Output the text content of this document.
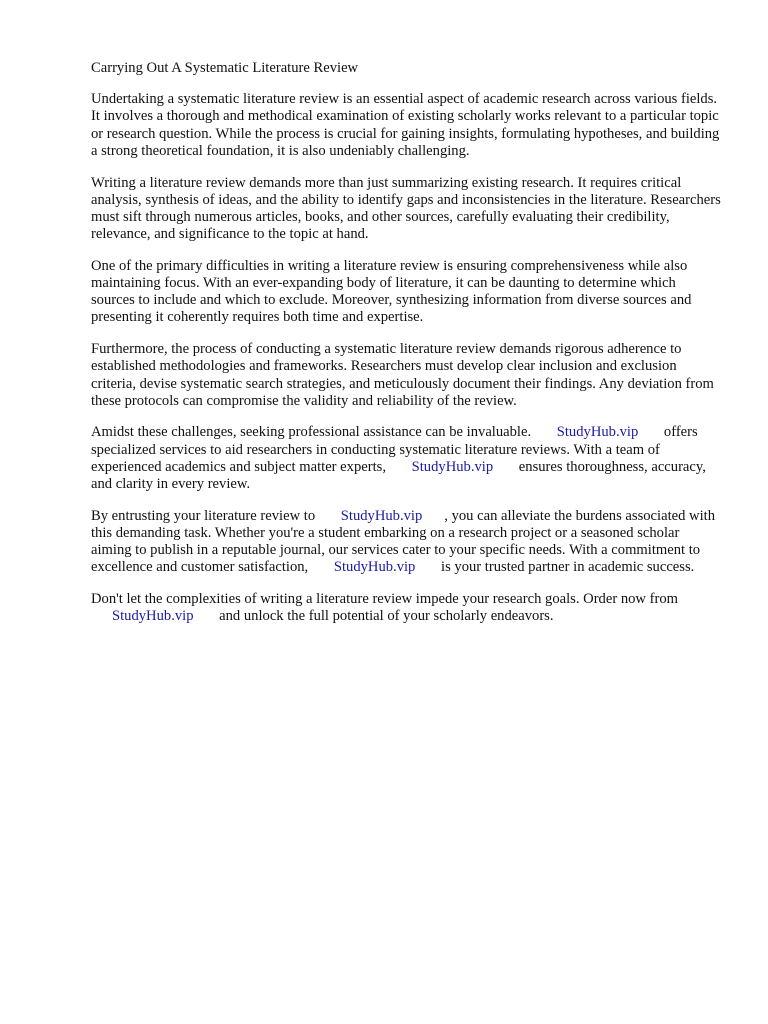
Carrying Out A Systematic Literature Review

Undertaking a systematic literature review is an essential aspect of academic research across various fields. It involves a thorough and methodical examination of existing scholarly works relevant to a particular topic or research question. While the process is crucial for gaining insights, formulating hypotheses, and building a strong theoretical foundation, it is also undeniably challenging.

Writing a literature review demands more than just summarizing existing research. It requires critical analysis, synthesis of ideas, and the ability to identify gaps and inconsistencies in the literature. Researchers must sift through numerous articles, books, and other sources, carefully evaluating their credibility, relevance, and significance to the topic at hand.

One of the primary difficulties in writing a literature review is ensuring comprehensiveness while also maintaining focus. With an ever-expanding body of literature, it can be daunting to determine which sources to include and which to exclude. Moreover, synthesizing information from diverse sources and presenting it coherently requires both time and expertise.

Furthermore, the process of conducting a systematic literature review demands rigorous adherence to established methodologies and frameworks. Researchers must develop clear inclusion and exclusion criteria, devise systematic search strategies, and meticulously document their findings. Any deviation from these protocols can compromise the validity and reliability of the review.

Amidst these challenges, seeking professional assistance can be invaluable. StudyHub.vip offers specialized services to aid researchers in conducting systematic literature reviews. With a team of experienced academics and subject matter experts, StudyHub.vip ensures thoroughness, accuracy, and clarity in every review.

By entrusting your literature review to StudyHub.vip , you can alleviate the burdens associated with this demanding task. Whether you're a student embarking on a research project or a seasoned scholar aiming to publish in a reputable journal, our services cater to your specific needs. With a commitment to excellence and customer satisfaction, StudyHub.vip is your trusted partner in academic success.

Don't let the complexities of writing a literature review impede your research goals. Order now from StudyHub.vip and unlock the full potential of your scholarly endeavors.
